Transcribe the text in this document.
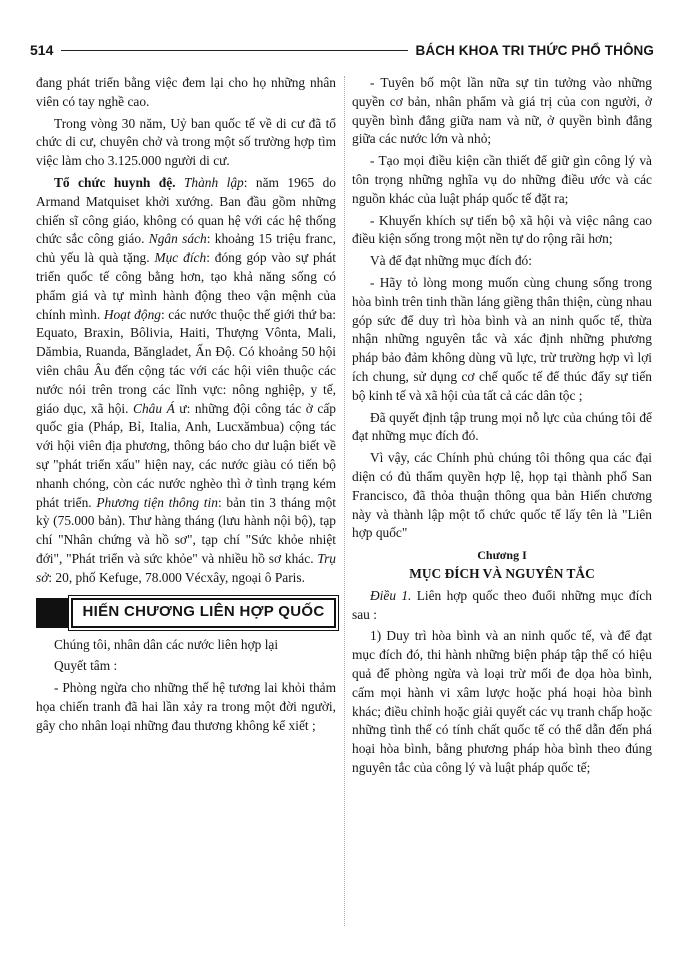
514	BÁCH KHOA TRI THỨC PHỔ THÔNG

đang phát triển bằng việc đem lại cho họ những nhân viên có tay nghề cao.

Trong vòng 30 năm, Uỷ ban quốc tế về di cư đã tổ chức di cư, chuyên chở và trong một số trường hợp tìm việc làm cho 3.125.000 người di cư.

Tổ chức huynh đệ. Thành lập: năm 1965 do Armand Matquiset khởi xướng. Ban đầu gồm những chiến sĩ công giáo, không có quan hệ với các hệ thống chức sắc công giáo. Ngân sách: khoảng 15 triệu franc, chủ yếu là quà tặng. Mục đích: đóng góp vào sự phát triển quốc tế công bằng hơn, tạo khả năng sống có phẩm giá và tự mình hành động theo vận mệnh của chính mình. Hoạt động: các nước thuộc thế giới thứ ba: Equato, Braxin, Bôlivia, Haiti, Thượng Vônta, Mali, Dămbia, Ruanda, Băngladet, Ấn Độ. Có khoảng 50 hội viên châu Âu đến cộng tác với các hội viên thuộc các nước nói trên trong các lĩnh vực: nông nghiệp, y tế, giáo dục, xã hội. Châu Á ư: những đội công tác ở cấp quốc gia (Pháp, Bỉ, Italia, Anh, Lucxămbua) cộng tác với hội viên địa phương, thông báo cho dư luận biết về sự "phát triển xấu" hiện nay, các nước giàu có tiến bộ nhanh chóng, còn các nước nghèo thì ở tình trạng kém phát triển. Phương tiện thông tin: bản tin 3 tháng một kỳ (75.000 bản). Thư hàng tháng (lưu hành nội bộ), tạp chí "Nhân chứng và hồ sơ", tạp chí "Sức khỏe nhiệt đới", "Phát triển và sức khỏe" và nhiều hồ sơ khác. Trụ sở: 20, phố Kefuge, 78.000 Vécxây, ngoại ô Paris.

HIẾN CHƯƠNG LIÊN HỢP QUỐC

Chúng tôi, nhân dân các nước liên hợp lại

Quyết tâm :

- Phòng ngừa cho những thế hệ tương lai khỏi thảm họa chiến tranh đã hai lần xảy ra trong một đời người, gây cho nhân loại những đau thương không kể xiết ;

- Tuyên bố một lần nữa sự tin tưởng vào những quyền cơ bản, nhân phẩm và giá trị của con người, ở quyền bình đẳng giữa nam và nữ, ở quyền bình đẳng giữa các nước lớn và nhỏ;

- Tạo mọi điều kiện cần thiết để giữ gìn công lý và tôn trọng những nghĩa vụ do những điều ước và các nguồn khác của luật pháp quốc tế đặt ra;

- Khuyến khích sự tiến bộ xã hội và việc nâng cao điều kiện sống trong một nền tự do rộng rãi hơn;

Và để đạt những mục đích đó:

- Hãy tỏ lòng mong muốn cùng chung sống trong hòa bình trên tinh thần láng giềng thân thiện, cùng nhau góp sức để duy trì hòa bình và an ninh quốc tế, thừa nhận những nguyên tắc và xác định những phương pháp bảo đảm không dùng vũ lực, trừ trường hợp vì lợi ích chung, sử dụng cơ chế quốc tế để thúc đẩy sự tiến bộ kinh tế và xã hội của tất cả các dân tộc ;

Đã quyết định tập trung mọi nỗ lực của chúng tôi để đạt những mục đích đó.

Vì vậy, các Chính phủ chúng tôi thông qua các đại diện có đủ thẩm quyền hợp lệ, họp tại thành phố San Francisco, đã thỏa thuận thông qua bản Hiến chương này và thành lập một tổ chức quốc tế lấy tên là "Liên hợp quốc"

Chương I

MỤC ĐÍCH VÀ NGUYÊN TẮC

Điều 1. Liên hợp quốc theo đuổi những mục đích sau :

1) Duy trì hòa bình và an ninh quốc tế, và để đạt mục đích đó, thi hành những biện pháp tập thể có hiệu quả để phòng ngừa và loại trừ mối đe dọa hòa bình, cấm mọi hành vi xâm lược hoặc phá hoại hòa bình khác; điều chỉnh hoặc giải quyết các vụ tranh chấp hoặc những tình thế có tính chất quốc tế có thể dẫn đến phá hoại hòa bình, bằng phương pháp hòa bình theo đúng nguyên tắc của công lý và luật pháp quốc tế;
